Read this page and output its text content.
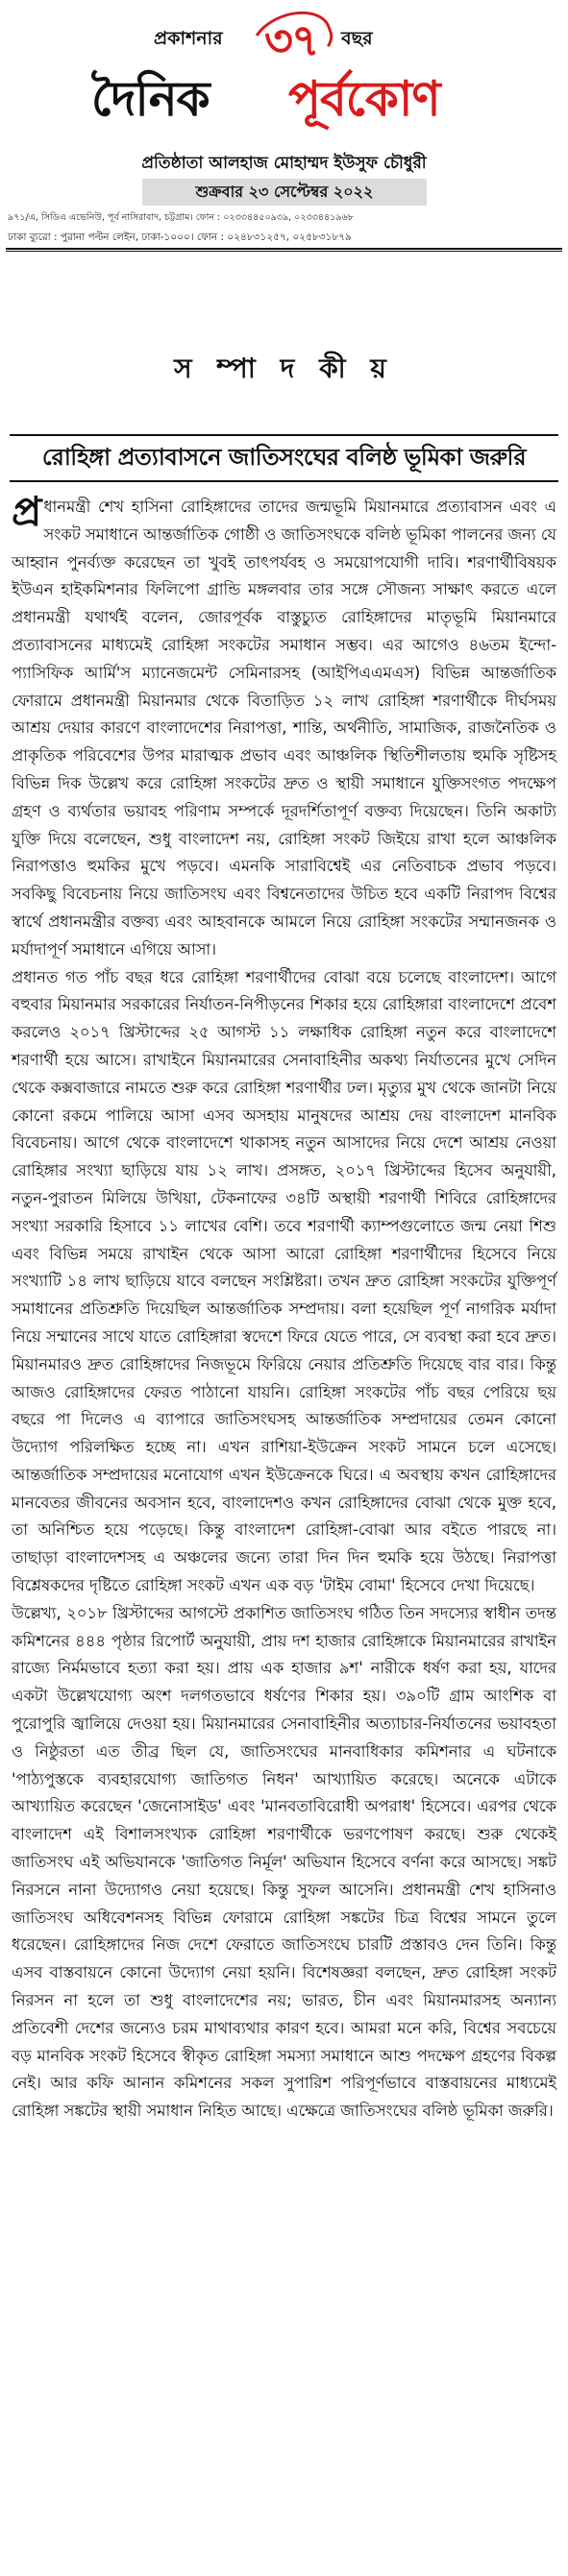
প্রকাশনার ৩৭ বছর
দৈনিক পূর্বকোণ
প্রতিষ্ঠাতা আলহাজ মোহাম্মদ ইউসুফ চৌধুরী
শুক্রবার ২৩ সেপ্টেম্বর ২০২২
৯৭১/এ, সিডিএ এভেনিউ, পূর্ব নাসিরাবাদ, চট্টগ্রাম। ফোন : ০২৩৩৪৪৫০৯৩৯, ০২৩৩৪৪১৯৬৮
ঢাকা ব্যুরো : পুরানা পল্টন লেইন, ঢাকা-১০০০। ফোন : ০২৪৮৩১২৫৭, ০২৫৮৩১৮৭৯
স ম্পা দ কী য়
রোহিঙ্গা প্রত্যাবাসনে জাতিসংঘের বলিষ্ঠ ভূমিকা জরুরি

প্র ধানমন্ত্রী শেখ হাসিনা রোহিঙ্গাদের তাদের জন্মভূমি মিয়ানমারে প্রত্যাবাসন এবং এ সংকট সমাধানে আন্তর্জাতিক গোষ্ঠী ও জাতিসংঘকে বলিষ্ঠ ভূমিকা পালনের জন্য যে আহ্বান পুনর্ব্যক্ত করেছেন তা খুবই তাৎপর্যবহ ও সময়োপযোগী দাবি। শরণার্থীবিষয়ক ইউএন হাইকমিশনার ফিলিপো গ্রান্ডি মঙ্গলবার তার সঙ্গে সৌজন্য সাক্ষাৎ করতে এলে প্রধানমন্ত্রী যথার্থই বলেন, জোরপূর্বক বাস্তুচ্যুত রোহিঙ্গাদের মাতৃভূমি মিয়ানমারে প্রত্যাবাসনের মাধ্যমেই রোহিঙ্গা সংকটের সমাধান সম্ভব। এর আগেও ৪৬তম ইন্দো-প্যাসিফিক আর্মি'স ম্যানেজমেন্ট সেমিনারসহ (আইপিএএমএস) বিভিন্ন আন্তর্জাতিক ফোরামে প্রধানমন্ত্রী মিয়ানমার থেকে বিতাড়িত ১২ লাখ রোহিঙ্গা শরণার্থীকে দীর্ঘসময় আশ্রয় দেয়ার কারণে বাংলাদেশের নিরাপত্তা, শান্তি, অর্থনীতি, সামাজিক, রাজনৈতিক ও প্রাকৃতিক পরিবেশের উপর মারাত্মক প্রভাব এবং আঞ্চলিক স্থিতিশীলতায় হুমকি সৃষ্টিসহ বিভিন্ন দিক উল্লেখ করে রোহিঙ্গা সংকটের দ্রুত ও স্থায়ী সমাধানে যুক্তিসংগত পদক্ষেপ গ্রহণ ও ব্যর্থতার ভয়াবহ পরিণাম সম্পর্কে দূরদর্শিতাপূর্ণ বক্তব্য দিয়েছেন। তিনি অকাট্য যুক্তি দিয়ে বলেছেন, শুধু বাংলাদেশ নয়, রোহিঙ্গা সংকট জিইয়ে রাখা হলে আঞ্চলিক নিরাপত্তাও হুমকির মুখে পড়বে। এমনকি সারাবিশ্বেই এর নেতিবাচক প্রভাব পড়বে। সবকিছু বিবেচনায় নিয়ে জাতিসংঘ এবং বিশ্বনেতাদের উচিত হবে একটি নিরাপদ বিশ্বের স্বার্থে প্রধানমন্ত্রীর বক্তব্য এবং আহবানকে আমলে নিয়ে রোহিঙ্গা সংকটের সম্মানজনক ও মর্যাদাপূর্ণ সমাধানে এগিয়ে আসা।

প্রধানত গত পাঁচ বছর ধরে রোহিঙ্গা শরণার্থীদের বোঝা বয়ে চলেছে বাংলাদেশ। আগে বহুবার মিয়ানমার সরকারের নির্যাতন-নিপীড়নের শিকার হয়ে রোহিঙ্গারা বাংলাদেশে প্রবেশ করলেও ২০১৭ খ্রিস্টাব্দের ২৫ আগস্ট ১১ লক্ষাধিক রোহিঙ্গা নতুন করে বাংলাদেশে শরণার্থী হয়ে আসে। রাখাইনে মিয়ানমারের সেনাবাহিনীর অকথ্য নির্যাতনের মুখে সেদিন থেকে কক্সবাজারে নামতে শুরু করে রোহিঙ্গা শরণার্থীর ঢল। মৃত্যুর মুখ থেকে জানটা নিয়ে কোনো রকমে পালিয়ে আসা এসব অসহায় মানুষদের আশ্রয় দেয় বাংলাদেশ মানবিক বিবেচনায়। আগে থেকে বাংলাদেশে থাকাসহ নতুন আসাদের নিয়ে দেশে আশ্রয় নেওয়া রোহিঙ্গার সংখ্যা ছাড়িয়ে যায় ১২ লাখ। প্রসঙ্গত, ২০১৭ খ্রিস্টাব্দের হিসেব অনুযায়ী, নতুন-পুরাতন মিলিয়ে উখিয়া, টেকনাফের ৩৪টি অস্থায়ী শরণার্থী শিবিরে রোহিঙ্গাদের সংখ্যা সরকারি হিসাবে ১১ লাখের বেশি। তবে শরণার্থী ক্যাম্পগুলোতে জন্ম নেয়া শিশু এবং বিভিন্ন সময়ে রাখাইন থেকে আসা আরো রোহিঙ্গা শরণার্থীদের হিসেবে নিয়ে সংখ্যাটি ১৪ লাখ ছাড়িয়ে যাবে বলছেন সংশ্লিষ্টরা। তখন দ্রুত রোহিঙ্গা সংকটের যুক্তিপূর্ণ সমাধানের প্রতিশ্রুতি দিয়েছিল আন্তর্জাতিক সম্প্রদায়। বলা হয়েছিল পূর্ণ নাগরিক মর্যাদা নিয়ে সম্মানের সাথে যাতে রোহিঙ্গারা স্বদেশে ফিরে যেতে পারে, সে ব্যবস্থা করা হবে দ্রুত। মিয়ানমারও দ্রুত রোহিঙ্গাদের নিজভূমে ফিরিয়ে নেয়ার প্রতিশ্রুতি দিয়েছে বার বার। কিন্তু আজও রোহিঙ্গাদের ফেরত পাঠানো যায়নি। রোহিঙ্গা সংকটের পাঁচ বছর পেরিয়ে ছয় বছরে পা দিলেও এ ব্যাপারে জাতিসংঘসহ আন্তর্জাতিক সম্প্রদায়ের তেমন কোনো উদ্যোগ পরিলক্ষিত হচ্ছে না। এখন রাশিয়া-ইউক্রেন সংকট সামনে চলে এসেছে। আন্তর্জাতিক সম্প্রদায়ের মনোযোগ এখন ইউক্রেনকে ঘিরে। এ অবস্থায় কখন রোহিঙ্গাদের মানবেতর জীবনের অবসান হবে, বাংলাদেশও কখন রোহিঙ্গাদের বোঝা থেকে মুক্ত হবে, তা অনিশ্চিত হয়ে পড়েছে। কিন্তু বাংলাদেশ রোহিঙ্গা-বোঝা আর বইতে পারছে না। তাছাড়া বাংলাদেশসহ এ অঞ্চলের জন্যে তারা দিন দিন হুমকি হয়ে উঠছে। নিরাপত্তা বিশ্লেষকদের দৃষ্টিতে রোহিঙ্গা সংকট এখন এক বড় 'টাইম বোমা' হিসেবে দেখা দিয়েছে।

উল্লেখ্য, ২০১৮ খ্রিস্টাব্দের আগস্টে প্রকাশিত জাতিসংঘ গঠিত তিন সদস্যের স্বাধীন তদন্ত কমিশনের ৪৪৪ পৃষ্ঠার রিপোর্ট অনুযায়ী, প্রায় দশ হাজার রোহিঙ্গাকে মিয়ানমারের রাখাইন রাজ্যে নির্মমভাবে হত্যা করা হয়। প্রায় এক হাজার ৯শ' নারীকে ধর্ষণ করা হয়, যাদের একটা উল্লেখযোগ্য অংশ দলগতভাবে ধর্ষণের শিকার হয়। ৩৯০টি গ্রাম আংশিক বা পুরোপুরি জ্বালিয়ে দেওয়া হয়। মিয়ানমারের সেনাবাহিনীর অত্যাচার-নির্যাতনের ভয়াবহতা ও নিষ্ঠুরতা এত তীব্র ছিল যে, জাতিসংঘের মানবাধিকার কমিশনার এ ঘটনাকে 'পাঠ্যপুস্তকে ব্যবহারযোগ্য জাতিগত নিধন' আখ্যায়িত করেছে। অনেকে এটাকে আখ্যায়িত করেছেন 'জেনোসাইড' এবং 'মানবতাবিরোধী অপরাধ' হিসেবে। এরপর থেকে বাংলাদেশ এই বিশালসংখ্যক রোহিঙ্গা শরণার্থীকে ভরণপোষণ করছে। শুরু থেকেই জাতিসংঘ এই অভিযানকে 'জাতিগত নির্মূল' অভিযান হিসেবে বর্ণনা করে আসছে। সঙ্কট নিরসনে নানা উদ্যোগও নেয়া হয়েছে। কিন্তু সুফল আসেনি। প্রধানমন্ত্রী শেখ হাসিনাও জাতিসংঘ অধিবেশনসহ বিভিন্ন ফোরামে রোহিঙ্গা সঙ্কটের চিত্র বিশ্বের সামনে তুলে ধরেছেন। রোহিঙ্গাদের নিজ দেশে ফেরাতে জাতিসংঘে চারটি প্রস্তাবও দেন তিনি। কিন্তু এসব বাস্তবায়নে কোনো উদ্যোগ নেয়া হয়নি। বিশেষজ্ঞরা বলছেন, দ্রুত রোহিঙ্গা সংকট নিরসন না হলে তা শুধু বাংলাদেশের নয়; ভারত, চীন এবং মিয়ানমারসহ অন্যান্য প্রতিবেশী দেশের জন্যেও চরম মাথাব্যথার কারণ হবে। আমরা মনে করি, বিশ্বের সবচেয়ে বড় মানবিক সংকট হিসেবে স্বীকৃত রোহিঙ্গা সমস্যা সমাধানে আশু পদক্ষেপ গ্রহণের বিকল্প নেই। আর কফি আনান কমিশনের সকল সুপারিশ পরিপূর্ণভাবে বাস্তবায়নের মাধ্যমেই রোহিঙ্গা সঙ্কটের স্থায়ী সমাধান নিহিত আছে। এক্ষেত্রে জাতিসংঘের বলিষ্ঠ ভূমিকা জরুরি।
